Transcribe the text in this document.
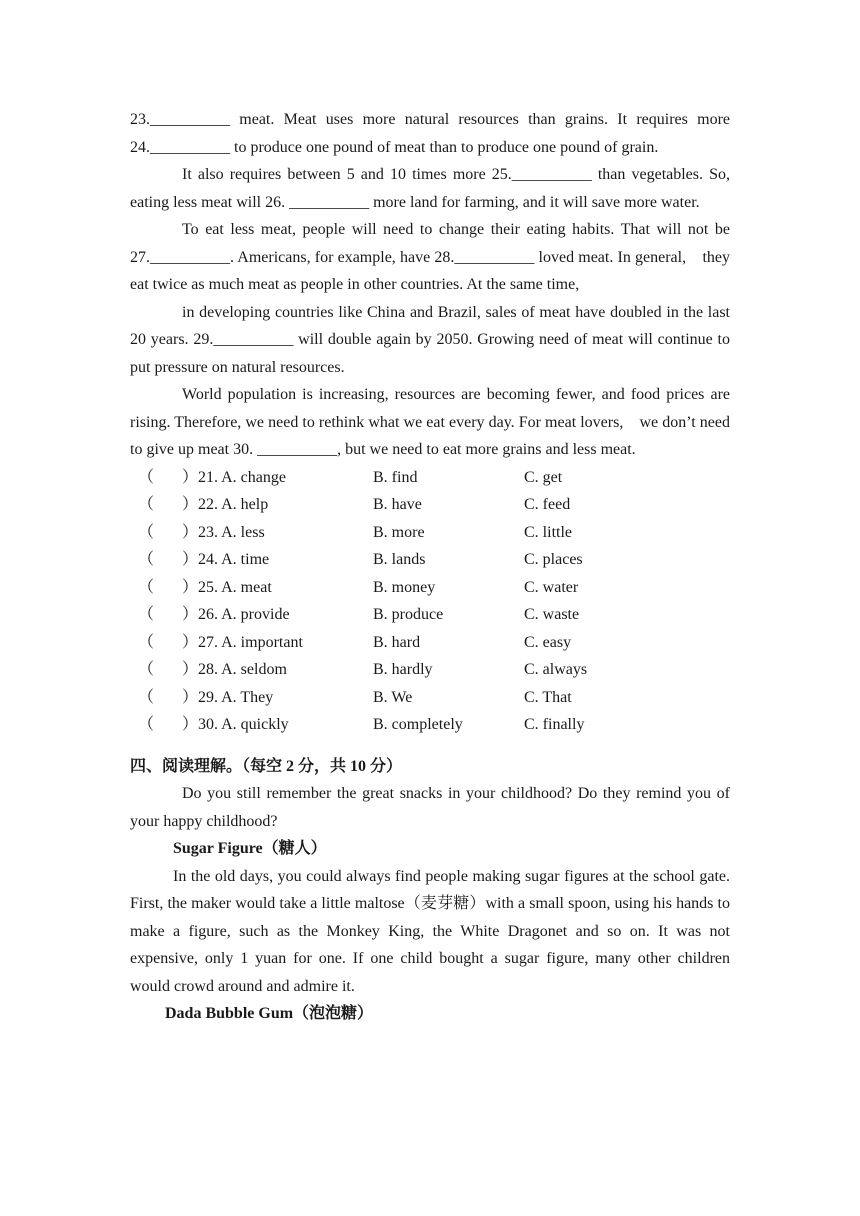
23.__________ meat. Meat uses more natural resources than grains. It requires more 24.__________ to produce one pound of meat than to produce one pound of grain.

It also requires between 5 and 10 times more 25.__________ than vegetables. So, eating less meat will 26. __________ more land for farming, and it will save more water.

To eat less meat, people will need to change their eating habits. That will not be 27.__________. Americans, for example, have 28.__________ loved meat. In general,　they eat twice as much meat as people in other countries. At the same time,

in developing countries like China and Brazil, sales of meat have doubled in the last 20 years. 29.__________ will double again by 2050. Growing need of meat will continue to put pressure on natural resources.

World population is increasing, resources are becoming fewer, and food prices are rising. Therefore, we need to rethink what we eat every day. For meat lovers,　we don’t need to give up meat 30. __________, but we need to eat more grains and less meat.

（ ） 21. A. change	B. find	C. get
（ ） 22. A. help	B. have	C. feed
（ ） 23. A. less	B. more	C. little
（ ） 24. A. time	B. lands	C. places
（ ） 25. A. meat	B. money	C. water
（ ） 26. A. provide	B. produce	C. waste
（ ） 27. A. important	B. hard	C. easy
（ ） 28. A. seldom	B. hardly	C. always
（ ） 29. A. They	B. We	C. That
（ ） 30. A. quickly	B. completely	C. finally

四、阅读理解。（每空 2 分，共 10 分）

Do you still remember the great snacks in your childhood? Do they remind you of your happy childhood?

Sugar Figure（糖人）

In the old days, you could always find people making sugar figures at the school gate. First, the maker would take a little maltose（麦芽糖）with a small spoon, using his hands to make a figure, such as the Monkey King, the White Dragonet and so on. It was not expensive, only 1 yuan for one. If one child bought a sugar figure, many other children would crowd around and admire it.

Dada Bubble Gum（泡泡糖）
